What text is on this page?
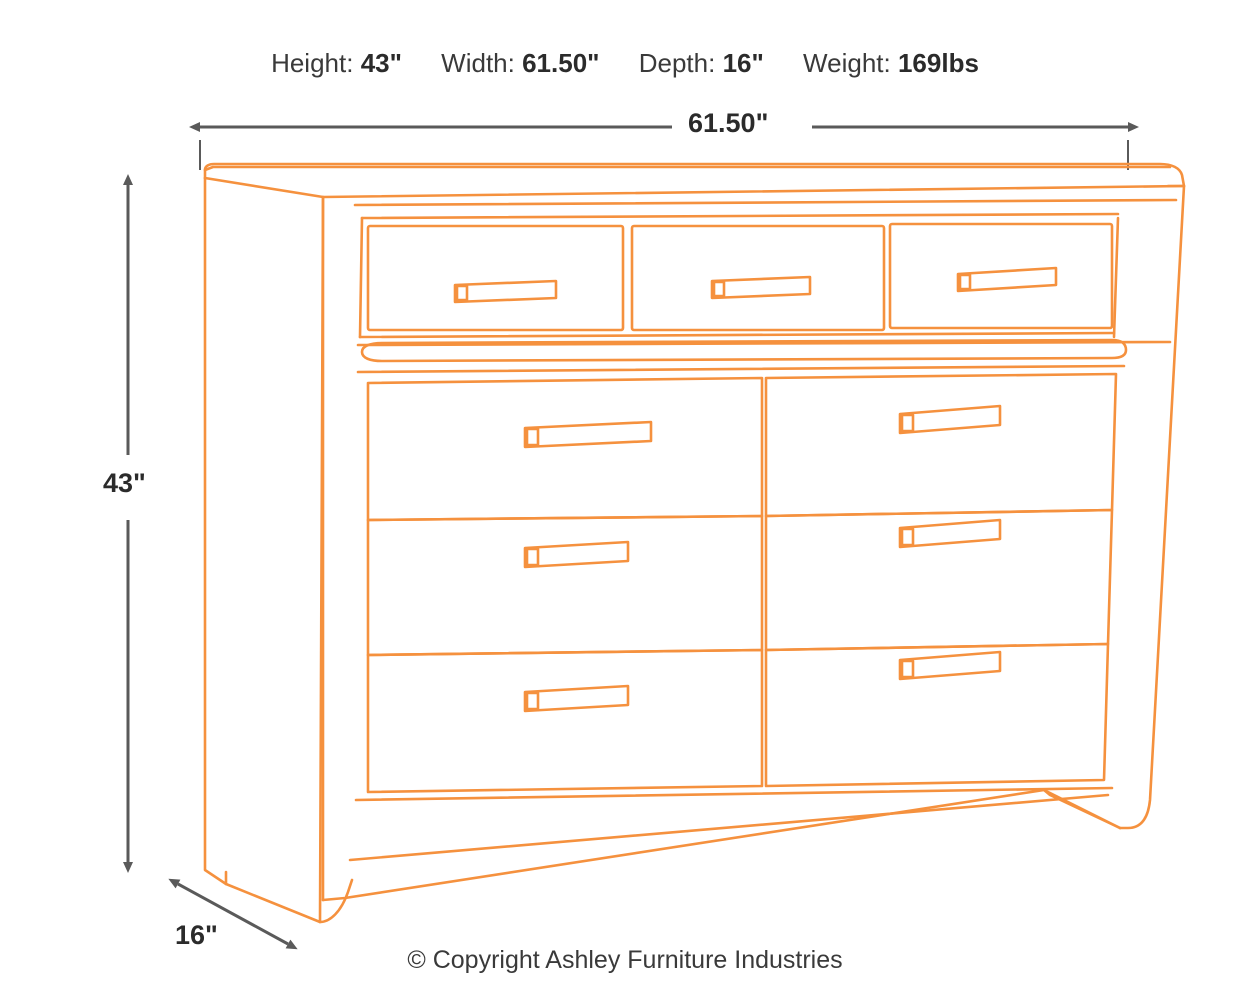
Height: 43" Width: 61.50" Depth: 16" Weight: 169lbs
61.50"
43"
16"
© Copyright Ashley Furniture Industries
